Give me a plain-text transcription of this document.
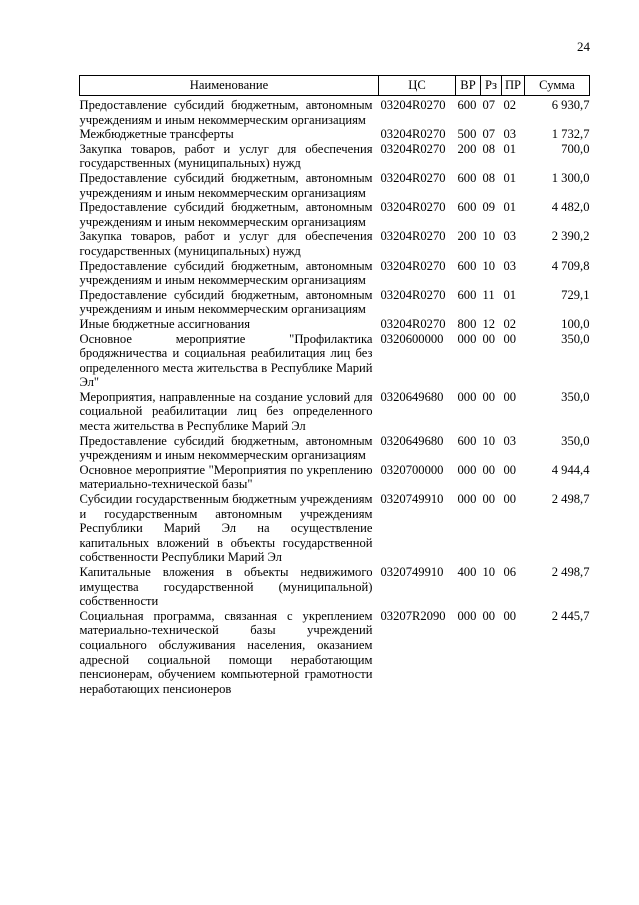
24
Наименование	ЦС	ВР	Рз	ПР	Сумма
Предоставление субсидий бюджетным, автономным учреждениям и иным некоммерческим организациям	03204R0270	600	07	02	6 930,7
Межбюджетные трансферты	03204R0270	500	07	03	1 732,7
Закупка товаров, работ и услуг для обеспечения государственных (муниципальных) нужд	03204R0270	200	08	01	700,0
Предоставление субсидий бюджетным, автономным учреждениям и иным некоммерческим организациям	03204R0270	600	08	01	1 300,0
Предоставление субсидий бюджетным, автономным учреждениям и иным некоммерческим организациям	03204R0270	600	09	01	4 482,0
Закупка товаров, работ и услуг для обеспечения государственных (муниципальных) нужд	03204R0270	200	10	03	2 390,2
Предоставление субсидий бюджетным, автономным учреждениям и иным некоммерческим организациям	03204R0270	600	10	03	4 709,8
Предоставление субсидий бюджетным, автономным учреждениям и иным некоммерческим организациям	03204R0270	600	11	01	729,1
Иные бюджетные ассигнования	03204R0270	800	12	02	100,0
Основное мероприятие "Профилактика бродяжничества и социальная реабилитация лиц без определенного места жительства в Республике Марий Эл"	0320600000	000	00	00	350,0
Мероприятия, направленные на создание условий для социальной реабилитации лиц без определенного места жительства в Республике Марий Эл	0320649680	000	00	00	350,0
Предоставление субсидий бюджетным, автономным учреждениям и иным некоммерческим организациям	0320649680	600	10	03	350,0
Основное мероприятие "Мероприятия по укреплению материально-технической базы"	0320700000	000	00	00	4 944,4
Субсидии государственным бюджетным учреждениям и государственным автономным учреждениям Республики Марий Эл на осуществление капитальных вложений в объекты государственной собственности Республики Марий Эл	0320749910	000	00	00	2 498,7
Капитальные вложения в объекты недвижимого имущества государственной (муниципальной) собственности	0320749910	400	10	06	2 498,7
Социальная программа, связанная с укреплением материально-технической базы учреждений социального обслуживания населения, оказанием адресной социальной помощи неработающим пенсионерам, обучением компьютерной грамотности неработающих пенсионеров	03207R2090	000	00	00	2 445,7
